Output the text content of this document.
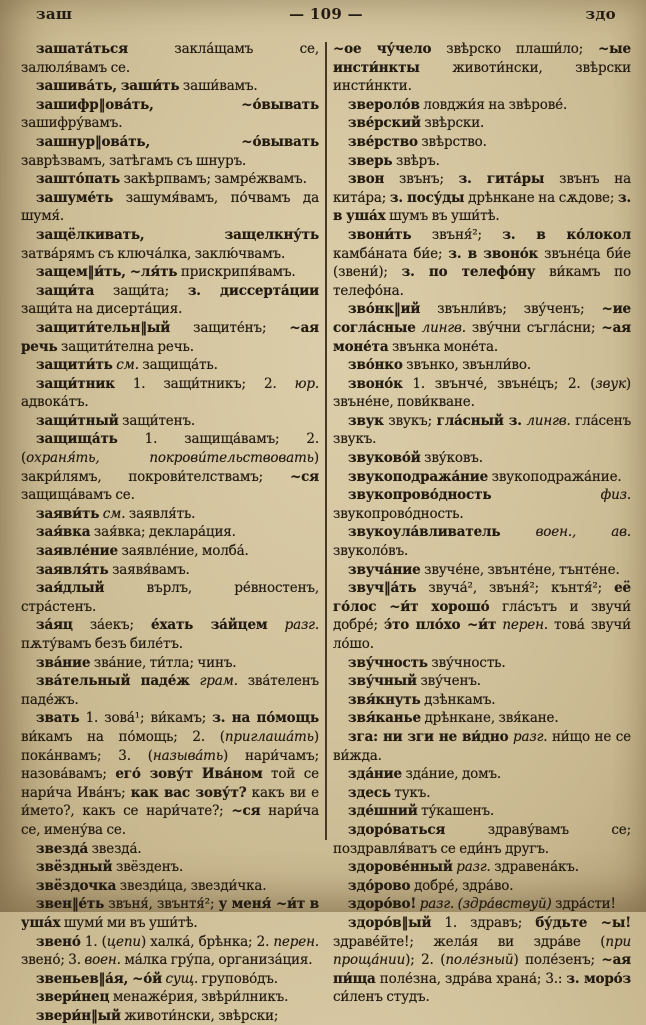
заш	— 109 —	здо

зашата́ться закла́щамъ се, залюля́вамъ се.

зашива́ть, заши́ть заши́вамъ.

зашифр‖ова́ть, ~о́вывать зашифру́вамъ.

зашнур‖ова́ть, ~о́вывать заврѣзвамъ, затѣгамъ съ шнуръ.

зашто́пать закѣрпвамъ; замре́жвамъ.

зашуме́ть зашумя́вамъ, по́чвамъ да шумя́.

защёлкивать, защелкну́ть затва́рямъ съ ключа́лка, заклю́чвамъ.

защем‖и́ть, ~ля́ть прискрипя́вамъ.

защи́та защи́та; з. диссерта́ции защи́та на дисерта́ция.

защити́тельн‖ый защите́нъ; ~ая речь защити́телна речь.

защити́ть см. защища́ть.

защи́тник 1. защи́тникъ; 2. юр. адвока́тъ.

защи́тный защи́тенъ.

защища́ть 1. защища́вамъ; 2. (охраня́ть, покрови́тельствовать) закри́лямъ, покрови́телствамъ; ~ся защища́вамъ се.

заяви́ть см. заявля́ть.

зая́вка зая́вка; деклара́ция.

заявле́ние заявле́ние, молба́.

заявля́ть заявя́вамъ.

зая́длый върлъ, ре́вностенъ, стра́стенъ.

за́яц за́екъ; е́хать за́йцем разг. пѫту́вамъ безъ биле́тъ.

зва́ние зва́ние, ти́тла; чинъ.

зва́тельный паде́ж грам. зва́теленъ паде́жъ.

звать 1. зова́¹; ви́камъ; з. на по́мощь ви́камъ на по́мощь; 2. (приглаша́ть) пока́нвамъ; 3. (называ́ть) нари́чамъ; назова́вамъ; его́ зову́т Ива́ном той се нари́ча Ива́нъ; как вас зову́т? какъ ви е и́мето?, какъ се нари́чате?; ~ся нари́ча се, имену́ва се.

звезда́ звезда́.

звёздный звёзденъ.

звёздочка звезди́ца, звезди́чка.

звен‖е́ть звъня́, звънтя́²; у меня́ ~и́т в уша́х шуми́ ми въ уши́тѣ.

звено́ 1. (цепи) халка́, брѣнка; 2. перен. звено́; 3. воен. ма́лка гру́па, организа́ция.

звеньев‖а́я, ~о́й сущ. групово́дъ.

звери́нец менаже́рия, звѣри́лникъ.

звери́н‖ый животи́нски, звѣрски;

~ое чу́чело звѣрско плаши́ло; ~ые инсти́нкты животи́нски, звѣрски инсти́нкти.

звероло́в ловджи́я на звѣрове́.

зве́рский звѣрски.

зве́рство звѣрство.

зверь звѣръ.

звон звънъ; з. гита́ры звънъ на кита́ра; з. посу́ды дрѣнкане на сѫдове; з. в уша́х шумъ въ уши́тѣ.

звони́ть звъня́²; з. в ко́локол камба́ната би́е; з. в звоно́к звъне́ца би́е (звени́); з. по телефо́ну ви́камъ по телефо́на.

зво́нк‖ий звънли́въ; зву́ченъ; ~ие согла́сные лингв. зву́чни съгла́сни; ~ая моне́та звънка моне́та.

зво́нко звънко, звънли́во.

звоно́к 1. звънче́, звъне́цъ; 2. (звук) звъне́не, пови́кване.

звук звукъ; гла́сный з. лингв. гла́сенъ звукъ.

звуково́й зву́ковъ.

звукоподража́ние звукоподража́ние.

звукопрово́дность физ. звукопрово́дность.

звукоула́вливатель воен., ав. звуколо́въ.

звуча́ние звуче́не, звънте́не, тънте́не.

звуч‖а́ть звуча́², звъня́²; кънтя́²; её го́лос ~и́т хорошо́ гла́сътъ и звучи́ добре́; э́то пло́хо ~и́т перен. това́ звучи́ ло́шо.

зву́чность зву́чность.

зву́чный зву́ченъ.

звя́кнуть дзѣнкамъ.

звя́канье дрѣнкане, звя́кане.

зга: ни зги не ви́дно разг. ни́що не се ви́жда.

зда́ние зда́ние, домъ.

здесь тукъ.

зде́шний ту́кашенъ.

здоро́ваться здраву́вамъ се; поздравля́ватъ се еди́нъ другъ.

здорове́нный разг. здравена́къ.

здо́рово добре́, здра́во.

здоро́во! разг. (здра́вствуй) здра́сти!

здоро́в‖ый 1. здравъ; бу́дьте ~ы! здраве́йте!; жела́я ви здра́ве (при проща́нии); 2. (поле́зный) поле́зенъ; ~ая пи́ща поле́зна, здра́ва храна́; 3.: з. моро́з си́ленъ студъ.
